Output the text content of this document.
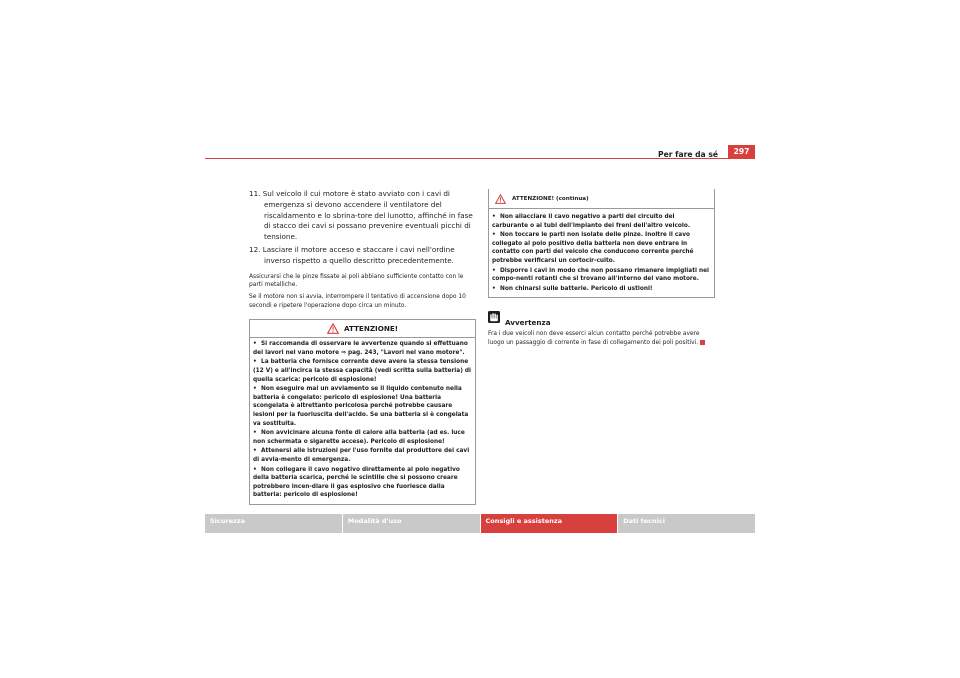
Per fare da sé	297
11. Sul veicolo il cui motore è stato avviato con i cavi di emergenza si devono accendere il ventilatore del riscaldamento e lo sbrina-tore del lunotto, affinché in fase di stacco dei cavi si possano prevenire eventuali picchi di tensione.
12. Lasciare il motore acceso e staccare i cavi nell'ordine inverso rispetto a quello descritto precedentemente.
Assicurarsi che le pinze fissate ai poli abbiano sufficiente contatto con le parti metalliche.
Se il motore non si avvia, interrompere il tentativo di accensione dopo 10 secondi e ripetere l'operazione dopo circa un minuto.
ATTENZIONE!
• Si raccomanda di osservare le avvertenze quando si effettuano dei lavori nel vano motore ⇒ pag. 243, "Lavori nel vano motore".
• La batteria che fornisce corrente deve avere la stessa tensione (12 V) e all'incirca la stessa capacità (vedi scritta sulla batteria) di quella scarica: pericolo di esplosione!
• Non eseguire mai un avviamento se il liquido contenuto nella batteria è congelato: pericolo di esplosione! Una batteria scongelata è altrettanto pericolosa perché potrebbe causare lesioni per la fuoriuscita dell'acido. Se una batteria si è congelata va sostituita.
• Non avvicinare alcuna fonte di calore alla batteria (ad es. luce non schermata o sigarette accese). Pericolo di esplosione!
• Attenersi alle istruzioni per l'uso fornite dal produttore dei cavi di avvia-mento di emergenza.
• Non collegare il cavo negativo direttamente al polo negativo della batteria scarica, perché le scintille che si possono creare potrebbero incen-diare il gas esplosivo che fuoriesce dalla batteria: pericolo di esplosione!
ATTENZIONE! (continua)
• Non allacciare il cavo negativo a parti del circuito del carburante o ai tubi dell'impianto dei freni dell'altro veicolo.
• Non toccare le parti non isolate delle pinze. Inoltre il cavo collegato al polo positivo della batteria non deve entrare in contatto con parti del veicolo che conducono corrente perché potrebbe verificarsi un cortocir-cuito.
• Disporre i cavi in modo che non possano rimanere impigliati nei compo-nenti rotanti che si trovano all'interno del vano motore.
• Non chinarsi sulle batterie. Pericolo di ustioni!
Avvertenza
Fra i due veicoli non deve esserci alcun contatto perché potrebbe avere luogo un passaggio di corrente in fase di collegamento dei poli positivi.
Sicurezza	Modalità d'uso	Consigli e assistenza	Dati tecnici
